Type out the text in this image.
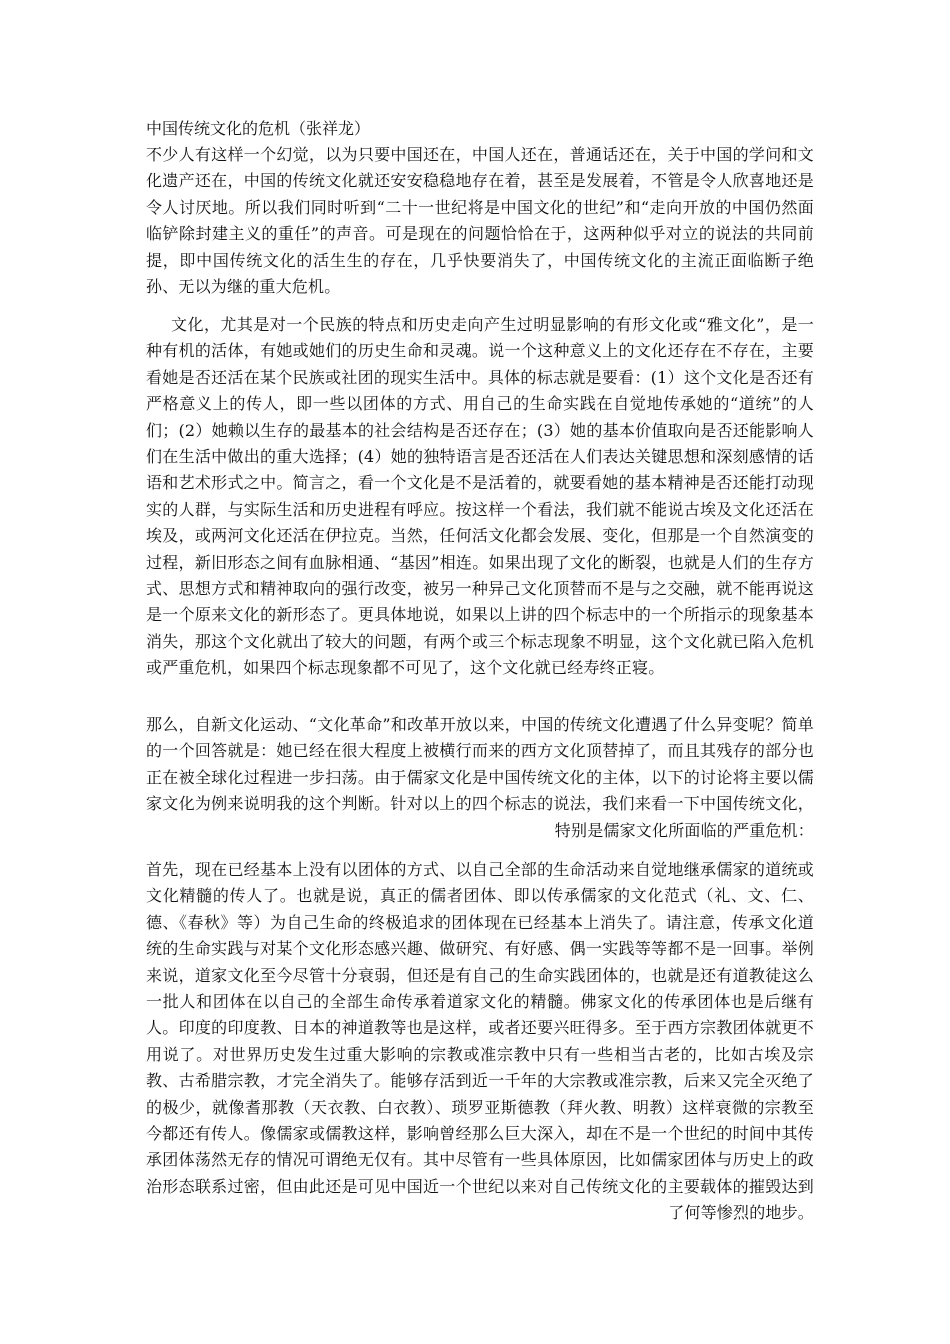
中国传统文化的危机（张祥龙）

不少人有这样一个幻觉，以为只要中国还在，中国人还在，普通话还在，关于中国的学问和文化遗产还在，中国的传统文化就还安安稳稳地存在着，甚至是发展着，不管是令人欣喜地还是令人讨厌地。所以我们同时听到“二十一世纪将是中国文化的世纪”和“走向开放的中国仍然面临铲除封建主义的重任”的声音。可是现在的问题恰恰在于，这两种似乎对立的说法的共同前提，即中国传统文化的活生生的存在，几乎快要消失了，中国传统文化的主流正面临断子绝孙、无以为继的重大危机。

文化，尤其是对一个民族的特点和历史走向产生过明显影响的有形文化或“雅文化”，是一种有机的活体，有她或她们的历史生命和灵魂。说一个这种意义上的文化还存在不存在，主要看她是否还活在某个民族或社团的现实生活中。具体的标志就是要看：(1）这个文化是否还有严格意义上的传人，即一些以团体的方式、用自己的生命实践在自觉地传承她的“道统”的人们；(2）她赖以生存的最基本的社会结构是否还存在；(3）她的基本价值取向是否还能影响人们在生活中做出的重大选择；(4）她的独特语言是否还活在人们表达关键思想和深刻感情的话语和艺术形式之中。简言之，看一个文化是不是活着的，就要看她的基本精神是否还能打动现实的人群，与实际生活和历史进程有呼应。按这样一个看法，我们就不能说古埃及文化还活在埃及，或两河文化还活在伊拉克。当然，任何活文化都会发展、变化，但那是一个自然演变的过程，新旧形态之间有血脉相通、“基因”相连。如果出现了文化的断裂，也就是人们的生存方式、思想方式和精神取向的强行改变，被另一种异己文化顶替而不是与之交融，就不能再说这是一个原来文化的新形态了。更具体地说，如果以上讲的四个标志中的一个所指示的现象基本消失，那这个文化就出了较大的问题，有两个或三个标志现象不明显，这个文化就已陷入危机或严重危机，如果四个标志现象都不可见了，这个文化就已经寿终正寝。

那么，自新文化运动、“文化革命”和改革开放以来，中国的传统文化遭遇了什么异变呢？简单的一个回答就是：她已经在很大程度上被横行而来的西方文化顶替掉了，而且其残存的部分也正在被全球化过程进一步扫荡。由于儒家文化是中国传统文化的主体，以下的讨论将主要以儒家文化为例来说明我的这个判断。针对以上的四个标志的说法，我们来看一下中国传统文化，特别是儒家文化所面临的严重危机：

首先，现在已经基本上没有以团体的方式、以自己全部的生命活动来自觉地继承儒家的道统或文化精髓的传人了。也就是说，真正的儒者团体、即以传承儒家的文化范式（礼、文、仁、德、《春秋》等）为自己生命的终极追求的团体现在已经基本上消失了。请注意，传承文化道统的生命实践与对某个文化形态感兴趣、做研究、有好感、偶一实践等等都不是一回事。举例来说，道家文化至今尽管十分衰弱，但还是有自己的生命实践团体的，也就是还有道教徒这么一批人和团体在以自己的全部生命传承着道家文化的精髓。佛家文化的传承团体也是后继有人。印度的印度教、日本的神道教等也是这样，或者还要兴旺得多。至于西方宗教团体就更不用说了。对世界历史发生过重大影响的宗教或准宗教中只有一些相当古老的，比如古埃及宗教、古希腊宗教，才完全消失了。能够存活到近一千年的大宗教或准宗教，后来又完全灭绝了的极少，就像耆那教（天衣教、白衣教）、琐罗亚斯德教（拜火教、明教）这样衰微的宗教至今都还有传人。像儒家或儒教这样，影响曾经那么巨大深入，却在不是一个世纪的时间中其传承团体荡然无存的情况可谓绝无仅有。其中尽管有一些具体原因，比如儒家团体与历史上的政治形态联系过密，但由此还是可见中国近一个世纪以来对自己传统文化的主要载体的摧毁达到了何等惨烈的地步。
